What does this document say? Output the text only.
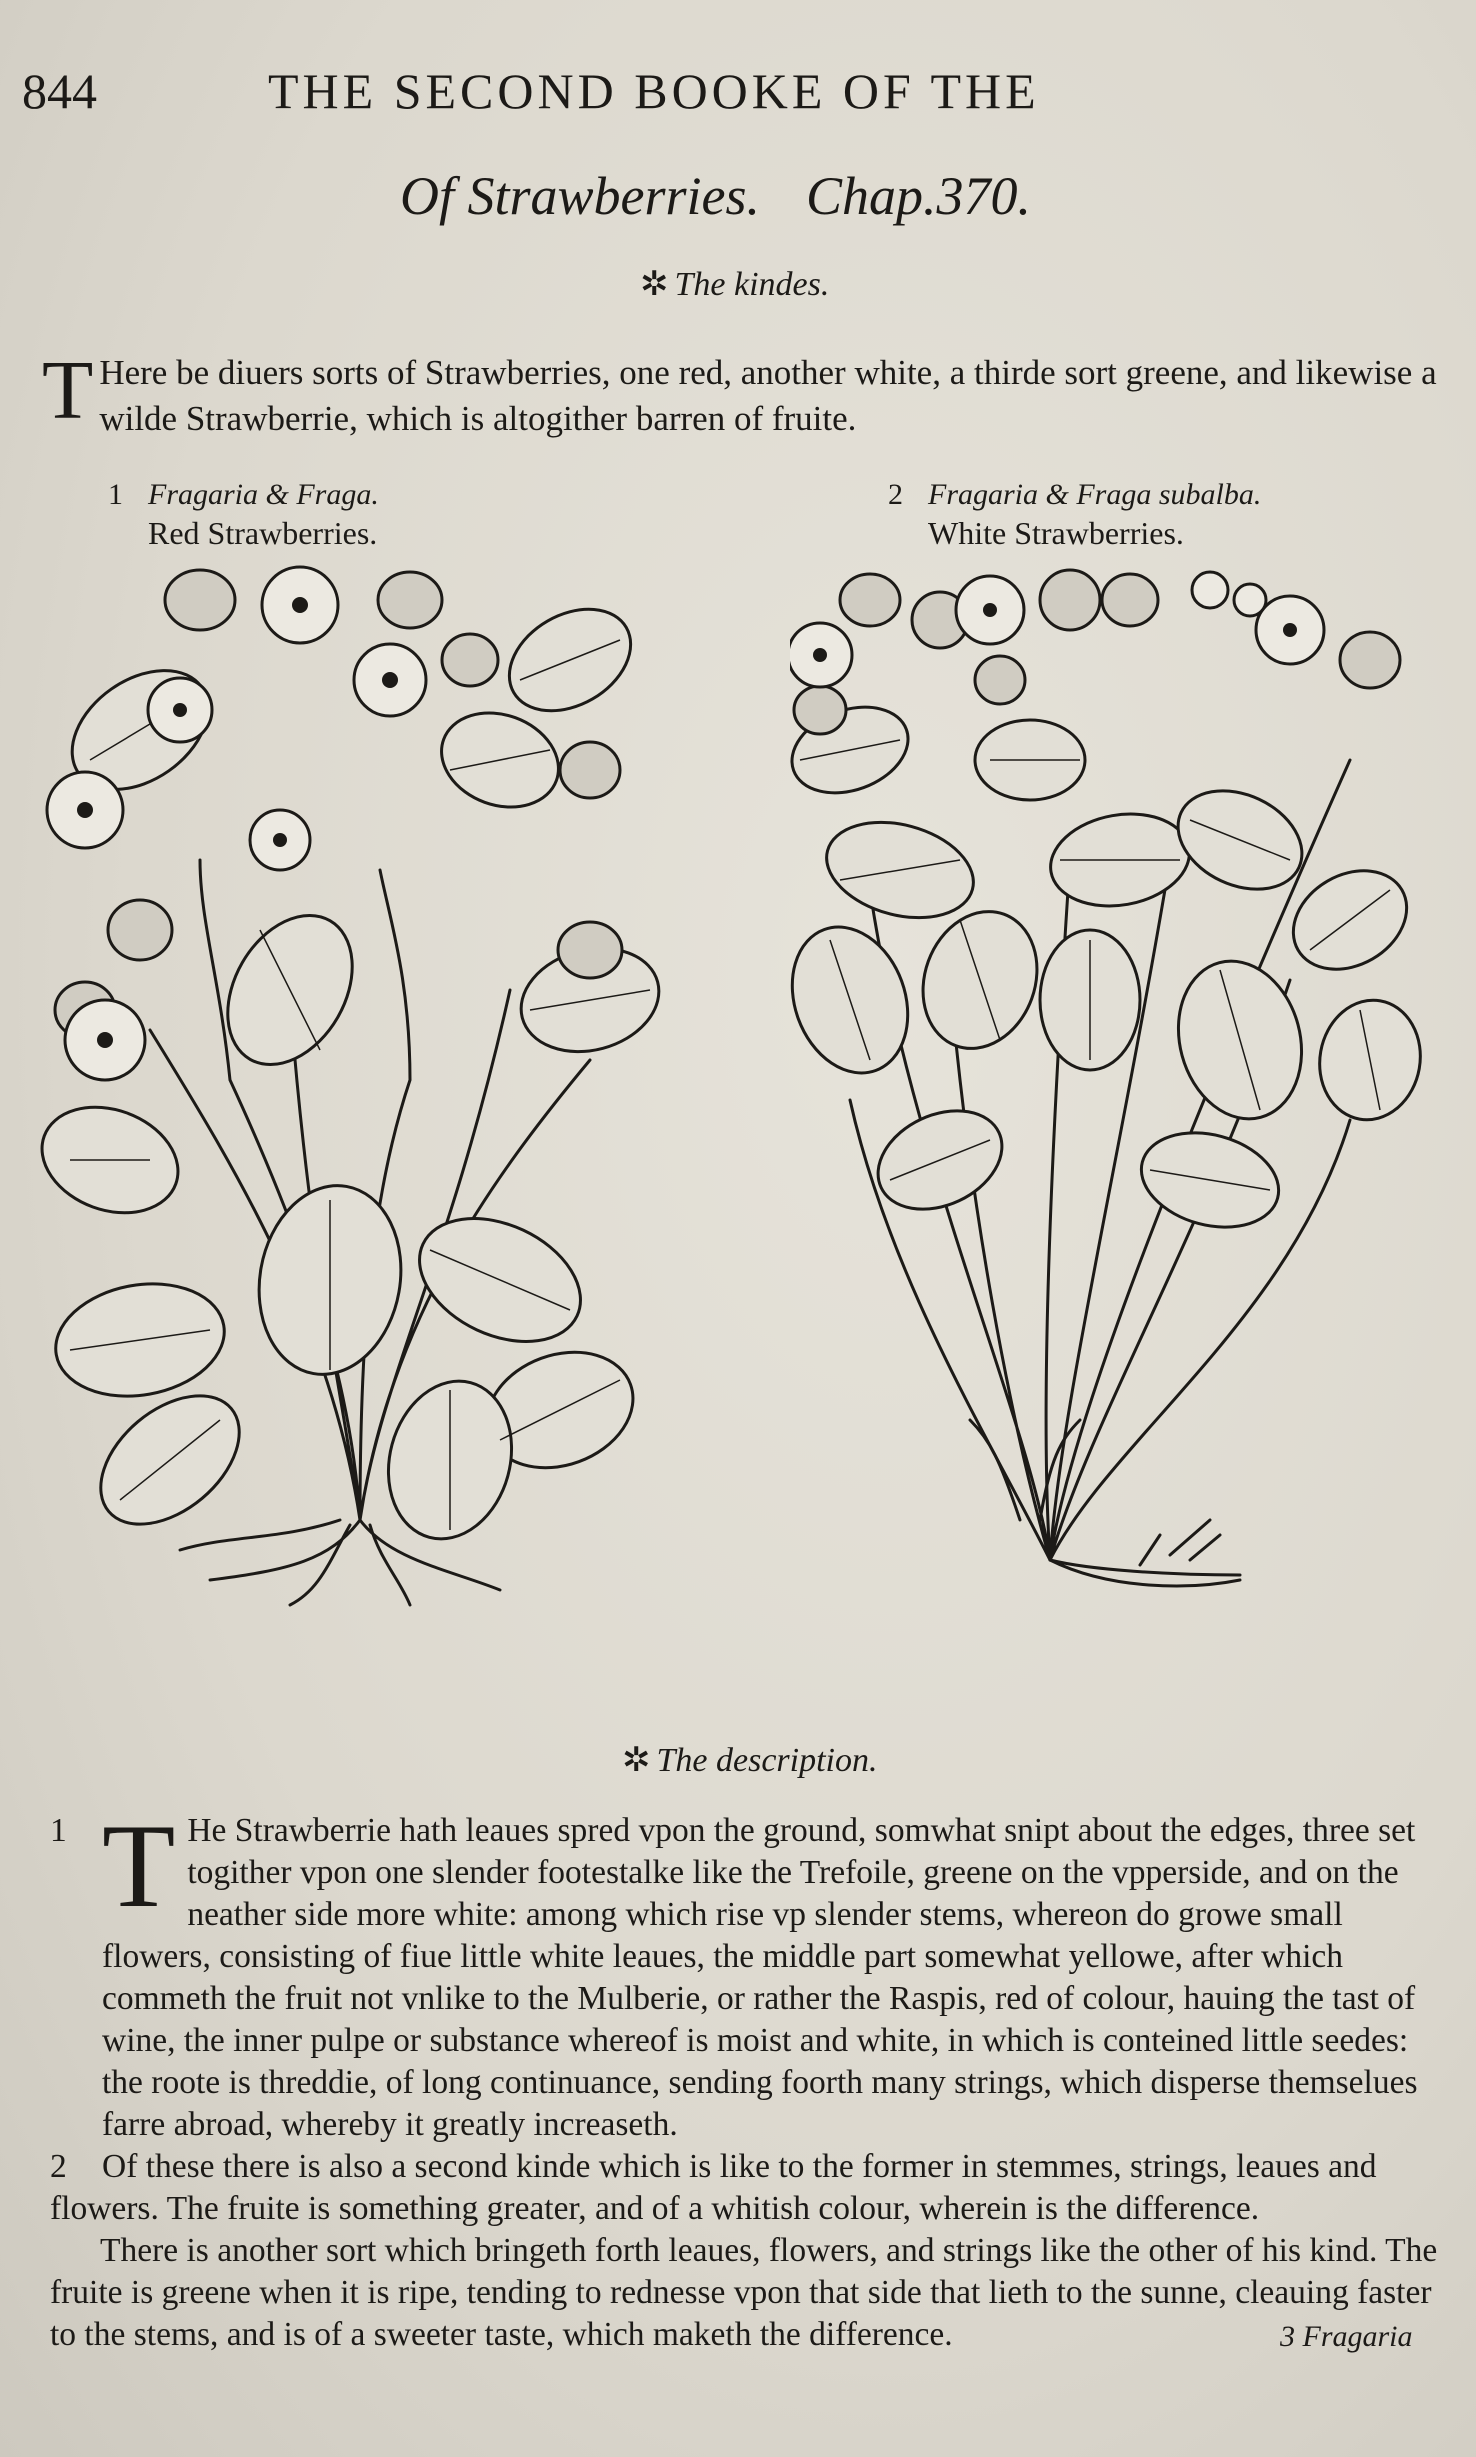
844	THE SECOND BOOKE OF THE
Of Strawberries. Chap.370.
✲ The kindes.
T Here be diuers sorts of Strawberries, one red, another white, a thirde sort greene, and likewise a wilde Strawberrie, which is altogither barren of fruite.
1 Fragaria & Fraga.
Red Strawberries.
2 Fragaria & Fraga subalba.
White Strawberries.
✲ The description.

1 T He Strawberrie hath leaues spred vpon the ground, somwhat snipt about the edges, three set togither vpon one slender footestalke like the Trefoile, greene on the vpperside, and on the neather side more white: among which rise vp slender stems, whereon do growe small flowers, consisting of fiue little white leaues, the middle part somewhat yellowe, after which commeth the fruit not vnlike to the Mulberie, or rather the Raspis, red of colour, hauing the tast of wine, the inner pulpe or substance whereof is moist and white, in which is conteined little seedes: the roote is threddie, of long continuance, sending foorth many strings, which disperse themselues farre abroad, whereby it greatly increaseth.

2 Of these there is also a second kinde which is like to the former in stemmes, strings, leaues and flowers. The fruite is something greater, and of a whitish colour, wherein is the difference.

There is another sort which bringeth forth leaues, flowers, and strings like the other of his kind. The fruite is greene when it is ripe, tending to rednesse vpon that side that lieth to the sunne, cleauing faster to the stems, and is of a sweeter taste, which maketh the difference.	3 Fragaria
